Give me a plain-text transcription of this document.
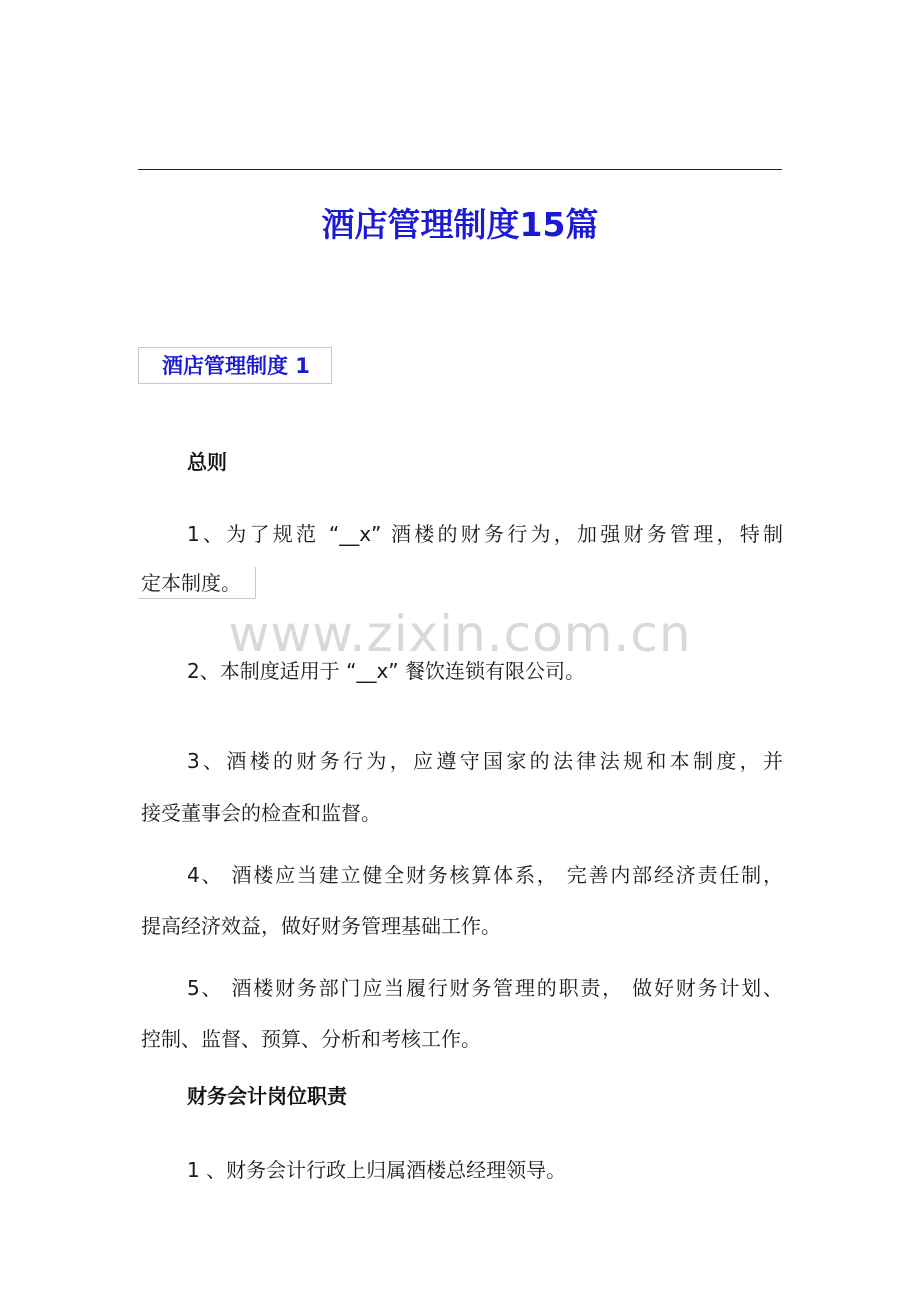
酒店管理制度15篇
酒店管理制度 1
总则
1、为了规范 “__x” 酒楼的财务行为，加强财务管理，特制
定本制度。
www.zixin.com.cn
2、本制度适用于 “__x” 餐饮连锁有限公司。
3、酒楼的财务行为，应遵守国家的法律法规和本制度，并
接受董事会的检查和监督。
4、 酒楼应当建立健全财务核算体系， 完善内部经济责任制，
提高经济效益，做好财务管理基础工作。
5、 酒楼财务部门应当履行财务管理的职责， 做好财务计划、
控制、监督、预算、分析和考核工作。
财务会计岗位职责
1 、财务会计行政上归属酒楼总经理领导。
